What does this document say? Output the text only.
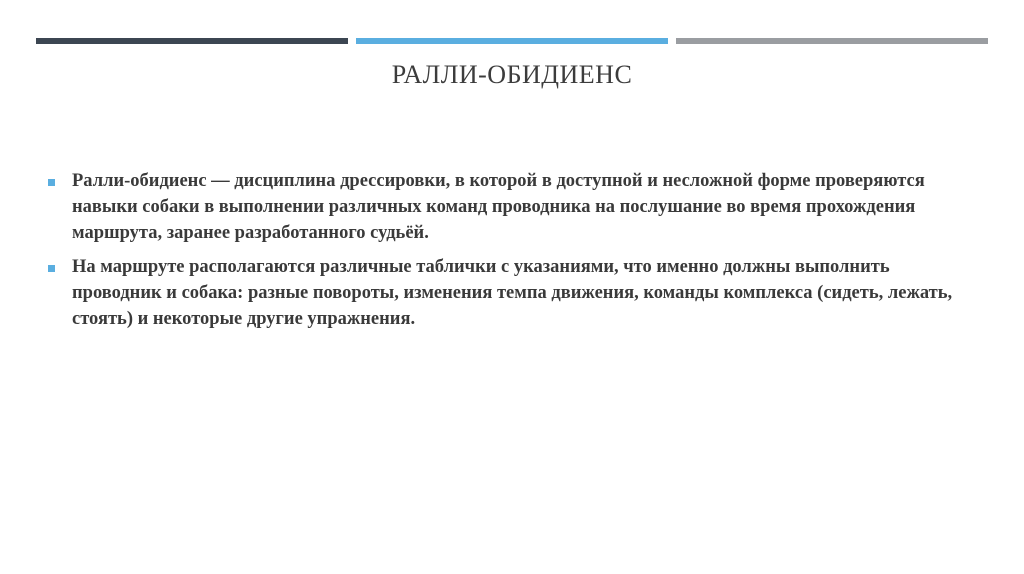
РАЛЛИ-ОБИДИЕНС
Ралли-обидиенс — дисциплина дрессировки, в которой в доступной и несложной форме проверяются навыки собаки в выполнении различных команд проводника на послушание во время прохождения маршрута, заранее разработанного судьёй.
На маршруте располагаются различные таблички с указаниями, что именно должны выполнить проводник и собака: разные повороты, изменения темпа движения, команды комплекса (сидеть, лежать, стоять) и некоторые другие упражнения.
